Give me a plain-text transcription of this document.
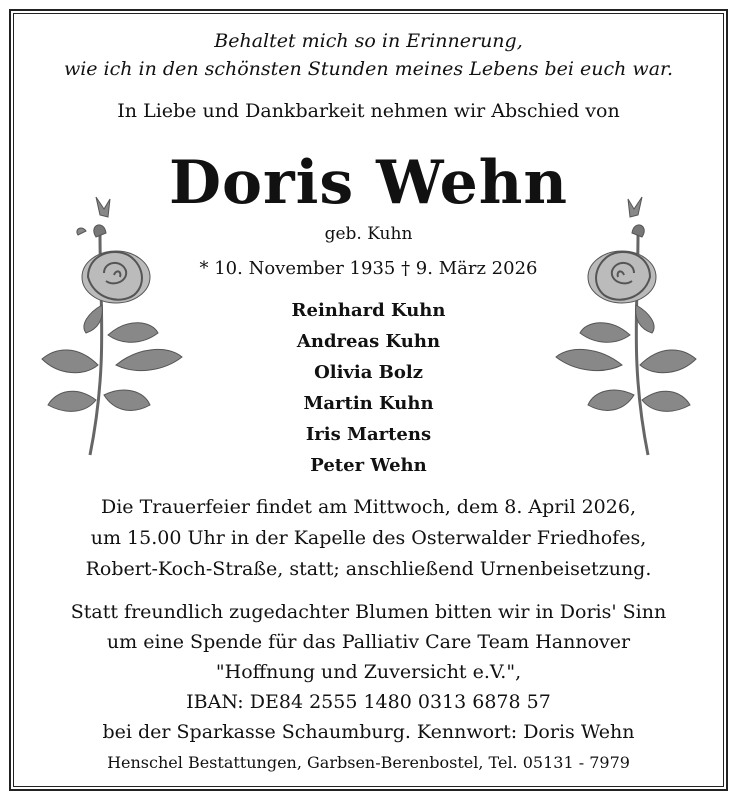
Behaltet mich so in Erinnerung,
wie ich in den schönsten Stunden meines Lebens bei euch war.
In Liebe und Dankbarkeit nehmen wir Abschied von
Doris Wehn
geb. Kuhn
* 10. November 1935 † 9. März 2026
Reinhard Kuhn
Andreas Kuhn
Olivia Bolz
Martin Kuhn
Iris Martens
Peter Wehn
Die Trauerfeier findet am Mittwoch, dem 8. April 2026,
um 15.00 Uhr in der Kapelle des Osterwalder Friedhofes,
Robert-Koch-Straße, statt; anschließend Urnenbeisetzung.
Statt freundlich zugedachter Blumen bitten wir in Doris' Sinn
um eine Spende für das Palliativ Care Team Hannover
"Hoffnung und Zuversicht e.V.",
IBAN: DE84 2555 1480 0313 6878 57
bei der Sparkasse Schaumburg. Kennwort: Doris Wehn
Henschel Bestattungen, Garbsen-Berenbostel, Tel. 05131 - 7979
